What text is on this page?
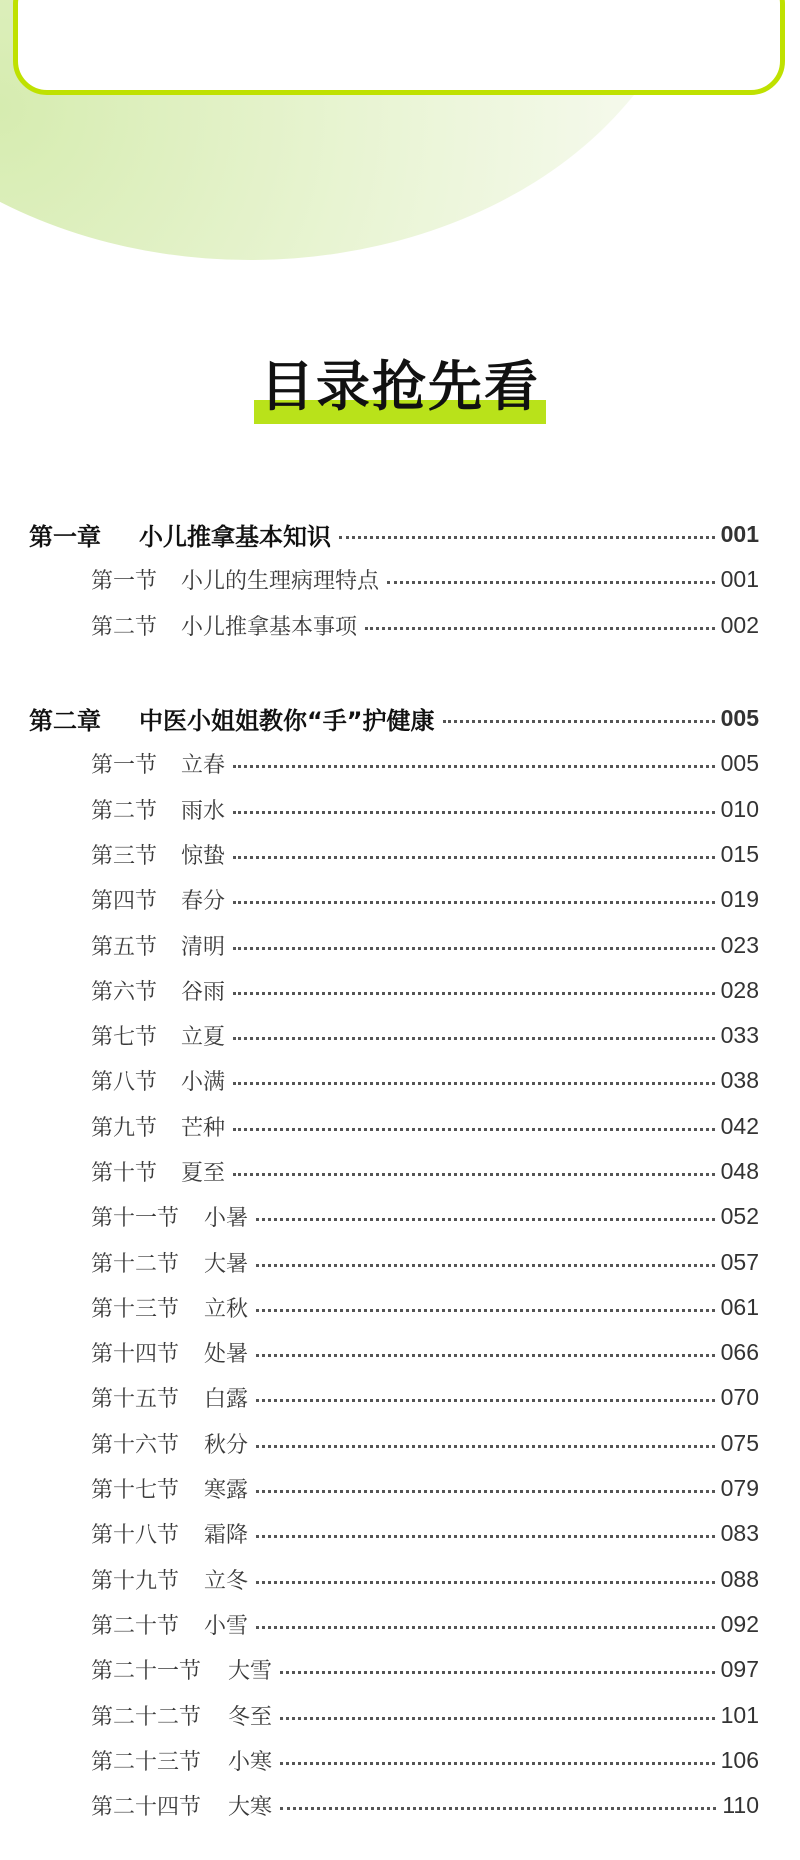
目录抢先看
第一章 小儿推拿基本知识	001
第一节 小儿的生理病理特点	001
第二节 小儿推拿基本事项	002
第二章 中医小姐姐教你“手”护健康	005
第一节 立春	005
第二节 雨水	010
第三节 惊蛰	015
第四节 春分	019
第五节 清明	023
第六节 谷雨	028
第七节 立夏	033
第八节 小满	038
第九节 芒种	042
第十节 夏至	048
第十一节 小暑	052
第十二节 大暑	057
第十三节 立秋	061
第十四节 处暑	066
第十五节 白露	070
第十六节 秋分	075
第十七节 寒露	079
第十八节 霜降	083
第十九节 立冬	088
第二十节 小雪	092
第二十一节 大雪	097
第二十二节 冬至	101
第二十三节 小寒	106
第二十四节 大寒	110
